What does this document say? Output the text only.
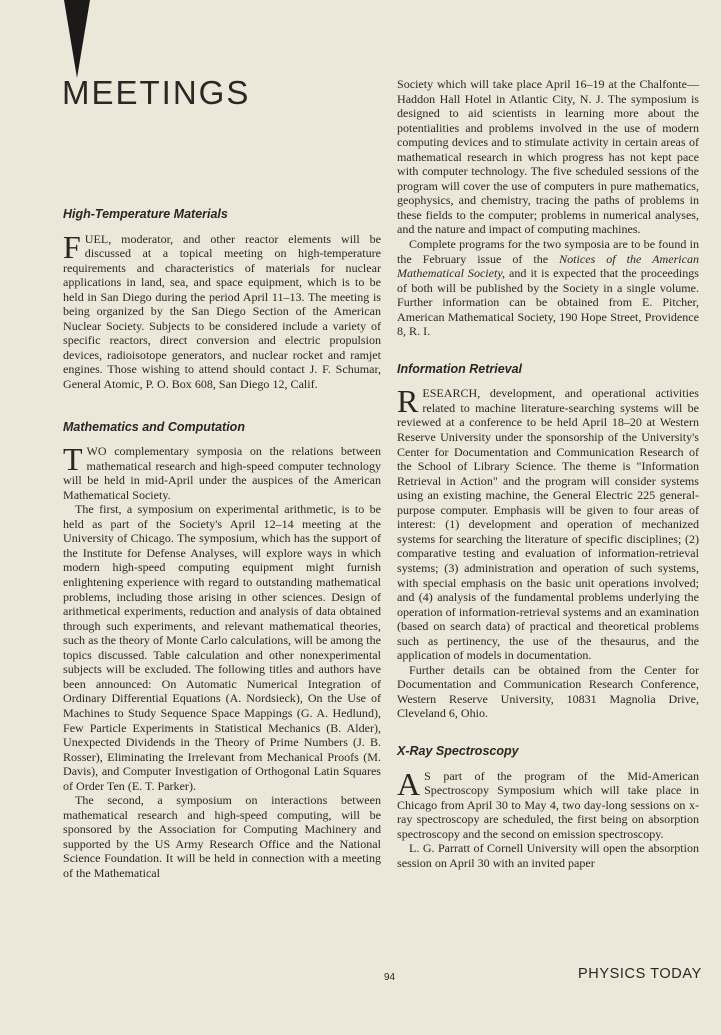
MEETINGS
High-Temperature Materials

FUEL, moderator, and other reactor elements will be discussed at a topical meeting on high-temperature requirements and characteristics of materials for nuclear applications in land, sea, and space equipment, which is to be held in San Diego during the period April 11–13. The meeting is being organized by the San Diego Section of the American Nuclear Society. Subjects to be considered include a variety of specific reactors, direct conversion and electric propulsion devices, radioisotope generators, and nuclear rocket and ramjet engines. Those wishing to attend should contact J. F. Schumar, General Atomic, P. O. Box 608, San Diego 12, Calif.

Mathematics and Computation

TWO complementary symposia on the relations between mathematical research and high-speed computer technology will be held in mid-April under the auspices of the American Mathematical Society.

The first, a symposium on experimental arithmetic, is to be held as part of the Society's April 12–14 meeting at the University of Chicago. The symposium, which has the support of the Institute for Defense Analyses, will explore ways in which modern high-speed computing equipment might furnish enlightening experience with regard to outstanding mathematical problems, including those arising in other sciences. Design of arithmetical experiments, reduction and analysis of data obtained through such experiments, and relevant mathematical theories, such as the theory of Monte Carlo calculations, will be among the topics discussed. Table calculation and other nonexperimental subjects will be excluded. The following titles and authors have been announced: On Automatic Numerical Integration of Ordinary Differential Equations (A. Nordsieck), On the Use of Machines to Study Sequence Space Mappings (G. A. Hedlund), Few Particle Experiments in Statistical Mechanics (B. Alder), Unexpected Dividends in the Theory of Prime Numbers (J. B. Rosser), Eliminating the Irrelevant from Mechanical Proofs (M. Davis), and Computer Investigation of Orthogonal Latin Squares of Order Ten (E. T. Parker).

The second, a symposium on interactions between mathematical research and high-speed computing, will be sponsored by the Association for Computing Machinery and supported by the US Army Research Office and the National Science Foundation. It will be held in connection with a meeting of the Mathematical

Society which will take place April 16–19 at the Chalfonte—Haddon Hall Hotel in Atlantic City, N. J. The symposium is designed to aid scientists in learning more about the potentialities and problems involved in the use of modern computing devices and to stimulate activity in certain areas of mathematical research in which progress has not kept pace with computer technology. The five scheduled sessions of the program will cover the use of computers in pure mathematics, geophysics, and chemistry, tracing the paths of problems in these fields to the computer; problems in numerical analyses, and the nature and impact of computing machines.

Complete programs for the two symposia are to be found in the February issue of the Notices of the American Mathematical Society, and it is expected that the proceedings of both will be published by the Society in a single volume. Further information can be obtained from E. Pitcher, American Mathematical Society, 190 Hope Street, Providence 8, R. I.

Information Retrieval

RESEARCH, development, and operational activities related to machine literature-searching systems will be reviewed at a conference to be held April 18–20 at Western Reserve University under the sponsorship of the University's Center for Documentation and Communication Research of the School of Library Science. The theme is "Information Retrieval in Action" and the program will consider systems using an existing machine, the General Electric 225 general-purpose computer. Emphasis will be given to four areas of interest: (1) development and operation of mechanized systems for searching the literature of specific disciplines; (2) comparative testing and evaluation of information-retrieval systems; (3) administration and operation of such systems, with special emphasis on the basic unit operations involved; and (4) analysis of the fundamental problems underlying the operation of information-retrieval systems and an examination (based on search data) of practical and theoretical problems such as pertinency, the use of the thesaurus, and the application of models in documentation.

Further details can be obtained from the Center for Documentation and Communication Research Conference, Western Reserve University, 10831 Magnolia Drive, Cleveland 6, Ohio.

X-Ray Spectroscopy

A S part of the program of the Mid-American Spectroscopy Symposium which will take place in Chicago from April 30 to May 4, two day-long sessions on x-ray spectroscopy are scheduled, the first being on absorption spectroscopy and the second on emission spectroscopy.

L. G. Parratt of Cornell University will open the absorption session on April 30 with an invited paper

94	PHYSICS TODAY
